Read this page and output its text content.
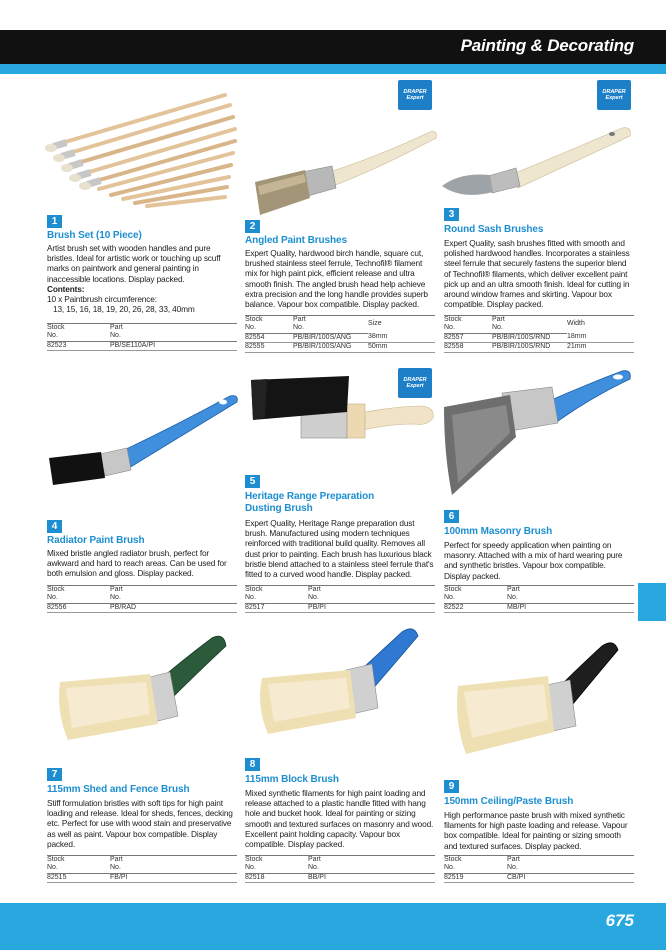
Painting & Decorating
1
Brush Set (10 Piece)
Artist brush set with wooden handles and pure bristles. Ideal for artistic work or touching up scuff marks on paintwork and general painting in inaccessible locations. Display packed.
Contents:
10 x Paintbrush circumference:
13, 15, 16, 18, 19, 20, 26, 28, 33, 40mm
Stock	Part
No.	No.
82523	PB/SE110A/PI
DRAPER Expert
2
Angled Paint Brushes
Expert Quality, hardwood birch handle, square cut, brushed stainless steel ferrule, Technofil® filament mix for high paint pick, efficient release and ultra smooth finish. The angled brush head help achieve extra precision and the long handle provides superb balance. Vapour box compatible. Display packed.
Stock	Part	Size
No.	No.	
82554	PB/BIR/100S/ANG	38mm
82555	PB/BIR/100S/ANG	50mm
DRAPER Expert
3
Round Sash Brushes
Expert Quality, sash brushes fitted with smooth and polished hardwood handles. Incorporates a stainless steel ferrule that securely fastens the superior blend of Technofil® filaments, which deliver excellent paint pick up and an ultra smooth finish. Ideal for cutting in around window frames and skirting. Vapour box compatible. Display packed.
Stock	Part	Width
No.	No.	
82557	PB/BIR/100S/RND	18mm
82558	PB/BIR/100S/RND	21mm
4
Radiator Paint Brush
Mixed bristle angled radiator brush, perfect for awkward and hard to reach areas. Can be used for both emulsion and gloss. Display packed.
Stock	Part
No.	No.
82556	PB/RAD
DRAPER Expert
5
Heritage Range Preparation Dusting Brush
Expert Quality, Heritage Range preparation dust brush. Manufactured using modern techniques reinforced with traditional build quality. Removes all dust prior to painting. Each brush has luxurious black bristle blend attached to a stainless steel ferrule that's fitted to a curved wood handle. Display packed.
Stock	Part
No.	No.
82517	PB/PI
6
100mm Masonry Brush
Perfect for speedy application when painting on masonry. Attached with a mix of hard wearing pure and synthetic bristles. Vapour box compatible. Display packed.
Stock	Part
No.	No.
82522	MB/PI
7
115mm Shed and Fence Brush
Stiff formulation bristles with soft tips for high paint loading and release. Ideal for sheds, fences, decking etc. Perfect for use with wood stain and preservative as well as paint. Vapour box compatible. Display packed.
Stock	Part
No.	No.
82515	FB/PI
8
115mm Block Brush
Mixed synthetic filaments for high paint loading and release attached to a plastic handle fitted with hang hole and bucket hook. Ideal for painting or sizing smooth and textured surfaces on masonry and wood. Excellent paint holding capacity. Vapour box compatible. Display packed.
Stock	Part
No.	No.
82518	BB/PI
9
150mm Ceiling/Paste Brush
High performance paste brush with mixed synthetic filaments for high paste loading and release. Vapour box compatible. Ideal for painting or sizing smooth and textured surfaces. Display packed.
Stock	Part
No.	No.
82519	CB/PI
675
